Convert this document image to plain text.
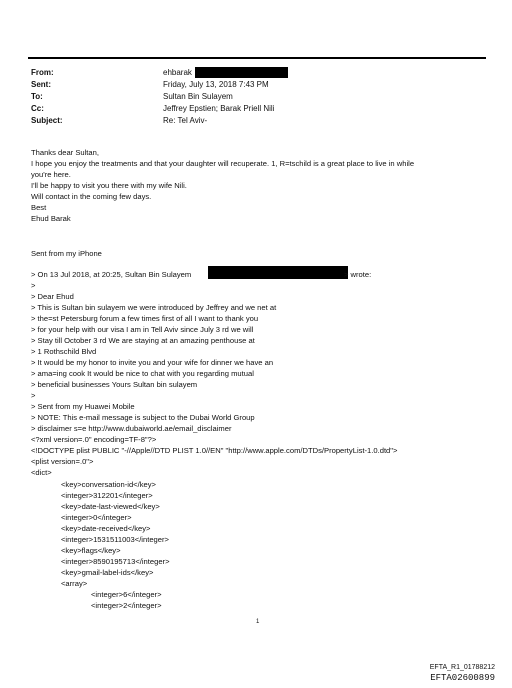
From:
Sent:
To:
Cc:
Subject:
ehbarak
Friday, July 13, 2018 7:43 PM
Sultan Bin Sulayem
Jeffrey Epstien; Barak Priell Nili
Re: Tel Aviv-
Thanks dear Sultan,
I hope you enjoy the treatments and that your daughter will recuperate. 1, R=tschild is a great place to live in while
you're here.
I'll be happy to visit you there with my wife Nili.
Will contact in the coming few days.
Best
Ehud Barak
Sent from my iPhone
> On 13 Jul 2018, at 20:25, Sultan Bin Sulayem	> wrote:
>
> Dear Ehud
> This is Sultan bin sulayem we were introduced by Jeffrey and we net at
> the=st Petersburg forum a few times first of all I want to thank you
> for your help with our visa I am in Tell Aviv since July 3 rd we will
> Stay till October 3 rd We are staying at an amazing penthouse at
> 1 Rothschild Blvd
> It would be my honor to invite you and your wife for dinner we have an
> ama=ing cook It would be nice to chat with you regarding mutual
> beneficial businesses Yours Sultan bin sulayem
>
> Sent from my Huawei Mobile
> NOTE: This e-mail message is subject to the Dubai World Group
> disclaimer s=e http://www.dubaiworld.ae/email_disclaimer
<?xml version=.0" encoding=TF-8"?>
<!DOCTYPE plist PUBLIC "-//Apple//DTD PLIST 1.0//EN" "http://www.apple.com/DTDs/PropertyList-1.0.dtd">
<plist version=.0">
<dict>
<key>conversation-id</key>
<integer>312201</integer>
<key>date-last-viewed</key>
<integer>0</integer>
<key>date-received</key>
<integer>1531511003</integer>
<key>flags</key>
<integer>8590195713</integer>
<key>gmail-label-ids</key>
<array>
<integer>6</integer>
<integer>2</integer>
1
EFTA_R1_01788212
EFTA02600899
